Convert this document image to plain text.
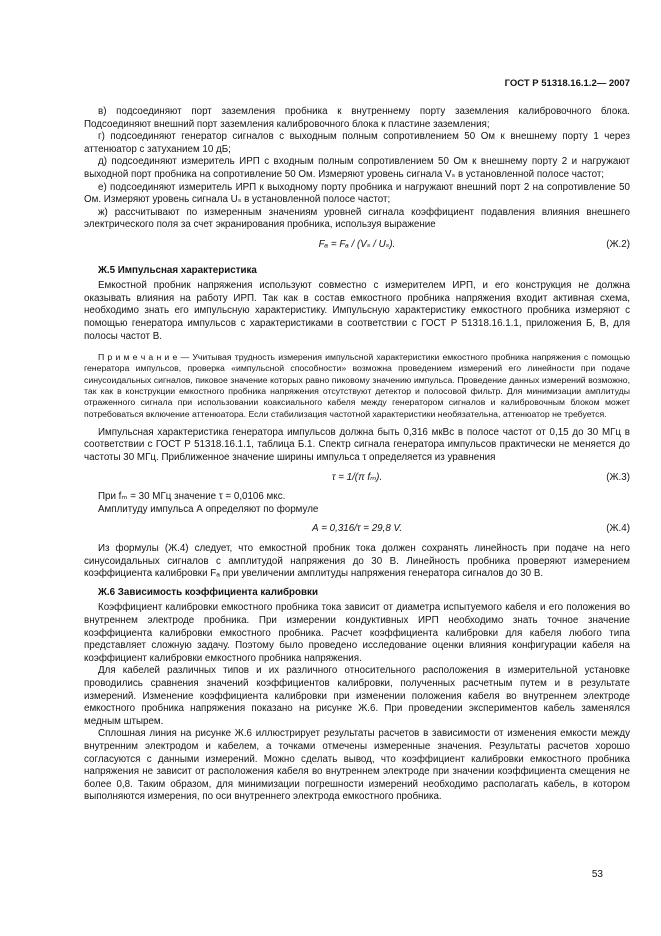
ГОСТ Р 51318.16.1.2— 2007
в) подсоединяют порт заземления пробника к внутреннему порту заземления калибровочного блока. Подсоединяют внешний порт заземления калибровочного блока к пластине заземления;
г) подсоединяют генератор сигналов с выходным полным сопротивлением 50 Ом к внешнему порту 1 через аттенюатор с затуханием 10 дБ;
д) подсоединяют измеритель ИРП с входным полным сопротивлением 50 Ом к внешнему порту 2 и нагружают выходной порт пробника на сопротивление 50 Ом. Измеряют уровень сигнала Vₛ в установленной полосе частот;
е) подсоединяют измеритель ИРП к выходному порту пробника и нагружают внешний порт 2 на сопротивление 50 Ом. Измеряют уровень сигнала Uₛ в установленной полосе частот;
ж) рассчитывают по измеренным значениям уровней сигнала коэффициент подавления влияния внешнего электрического поля за счет экранирования пробника, используя выражение
Fₐ = Fₐ / (Vₛ / Uₛ).	(Ж.2)
Ж.5 Импульсная характеристика
Емкостной пробник напряжения используют совместно с измерителем ИРП, и его конструкция не должна оказывать влияния на работу ИРП. Так как в состав емкостного пробника напряжения входит активная схема, необходимо знать его импульсную характеристику. Импульсную характеристику емкостного пробника измеряют с помощью генератора импульсов с характеристиками в соответствии с ГОСТ Р 51318.16.1.1, приложения Б, В, для полосы частот В.
П р и м е ч а н и е — Учитывая трудность измерения импульсной характеристики емкостного пробника напряжения с помощью генератора импульсов, проверка «импульсной способности» возможна проведением измерений его линейности при подаче синусоидальных сигналов, пиковое значение которых равно пиковому значению импульса. Проведение данных измерений возможно, так как в конструкции емкостного пробника напряжения отсутствуют детектор и полосовой фильтр. Для минимизации амплитуды отраженного сигнала при использовании коаксиального кабеля между генератором сигналов и калибровочным блоком может потребоваться включение аттенюатора. Если стабилизация частотной характеристики необязательна, аттенюатор не требуется.
Импульсная характеристика генератора импульсов должна быть 0,316 мкВс в полосе частот от 0,15 до 30 МГц в соответствии с ГОСТ Р 51318.16.1.1, таблица Б.1. Спектр сигнала генератора импульсов практически не меняется до частоты 30 МГц. Приближенное значение ширины импульса τ определяется из уравнения
τ = 1/(π fₘ).	(Ж.3)
При fₘ = 30 МГц значение τ = 0,0106 мкс.
Амплитуду импульса А определяют по формуле
А = 0,316/τ = 29,8 V.	(Ж.4)
Из формулы (Ж.4) следует, что емкостной пробник тока должен сохранять линейность при подаче на него синусоидальных сигналов с амплитудой напряжения до 30 В. Линейность пробника проверяют измерением коэффициента калибровки Fₐ при увеличении амплитуды напряжения генератора сигналов до 30 В.
Ж.6 Зависимость коэффициента калибровки
Коэффициент калибровки емкостного пробника тока зависит от диаметра испытуемого кабеля и его положения во внутреннем электроде пробника. При измерении кондуктивных ИРП необходимо знать точное значение коэффициента калибровки емкостного пробника. Расчет коэффициента калибровки для кабеля любого типа представляет сложную задачу. Поэтому было проведено исследование оценки влияния конфигурации кабеля на коэффициент калибровки емкостного пробника напряжения.
Для кабелей различных типов и их различного относительного расположения в измерительной установке проводились сравнения значений коэффициентов калибровки, полученных расчетным путем и в результате измерений. Изменение коэффициента калибровки при изменении положения кабеля во внутреннем электроде емкостного пробника напряжения показано на рисунке Ж.6. При проведении экспериментов кабель заменялся медным штырем.
Сплошная линия на рисунке Ж.6 иллюстрирует результаты расчетов в зависимости от изменения емкости между внутренним электродом и кабелем, а точками отмечены измеренные значения. Результаты расчетов хорошо согласуются с данными измерений. Можно сделать вывод, что коэффициент калибровки емкостного пробника напряжения не зависит от расположения кабеля во внутреннем электроде при значении коэффициента смещения не более 0,8. Таким образом, для минимизации погрешности измерений необходимо располагать кабель, в котором выполняются измерения, по оси внутреннего электрода емкостного пробника.
53
